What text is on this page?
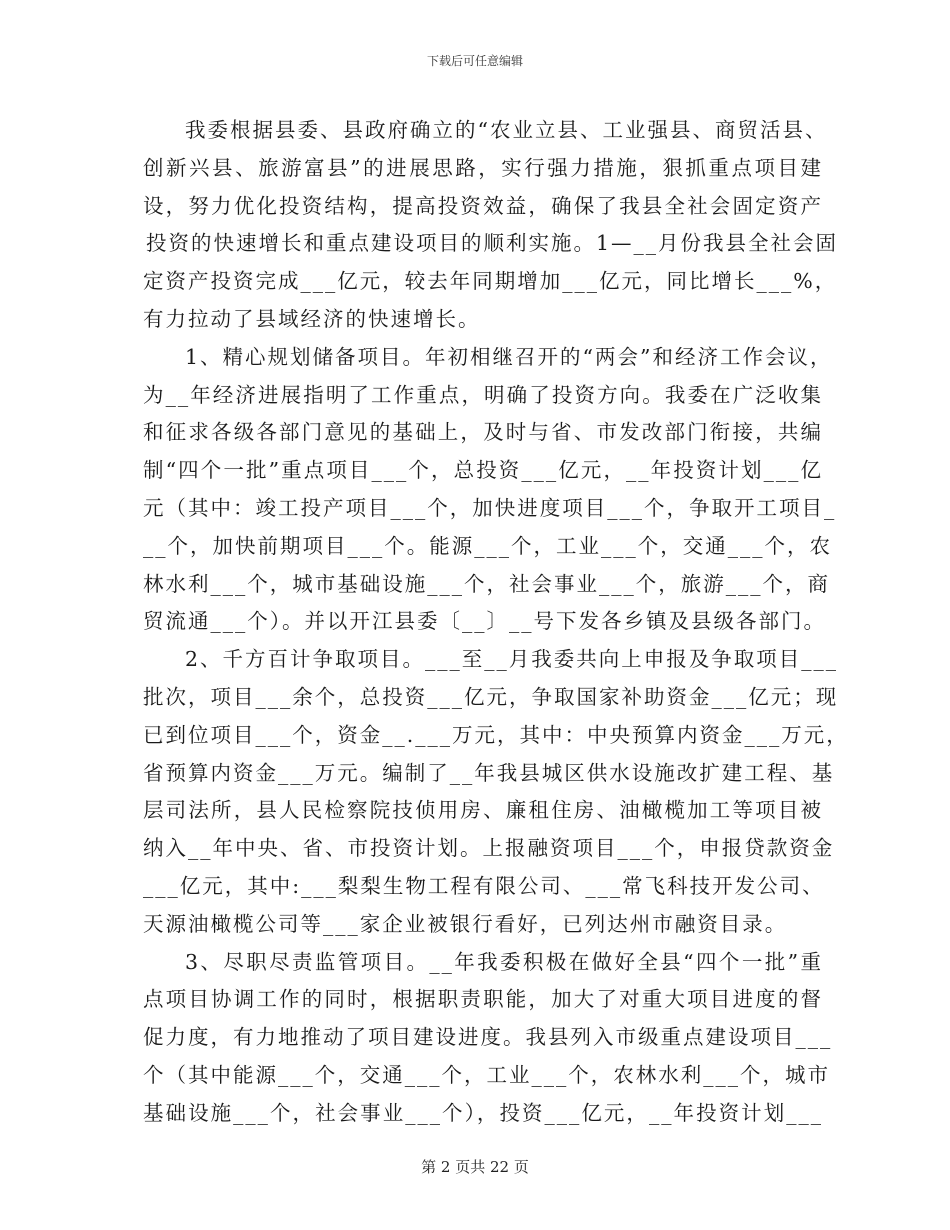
下载后可任意编辑
我委根据县委、县政府确立的“农业立县、工业强县、商贸活县、
创新兴县、旅游富县”的进展思路，实行强力措施，狠抓重点项目建
设，努力优化投资结构，提高投资效益，确保了我县全社会固定资产
投资的快速增长和重点建设项目的顺利实施。1—__月份我县全社会固
定资产投资完成___亿元，较去年同期增加___亿元，同比增长___%，
有力拉动了县域经济的快速增长。
1、精心规划储备项目。年初相继召开的“两会”和经济工作会议，
为__年经济进展指明了工作重点，明确了投资方向。我委在广泛收集
和征求各级各部门意见的基础上，及时与省、市发改部门衔接，共编
制“四个一批”重点项目___个，总投资___亿元，__年投资计划___亿
元（其中：竣工投产项目___个，加快进度项目___个，争取开工项目_
__个，加快前期项目___个。能源___个，工业___个，交通___个，农
林水利___个，城市基础设施___个，社会事业___个，旅游___个，商
贸流通___个）。并以开江县委〔__〕__号下发各乡镇及县级各部门。
2、千方百计争取项目。___至__月我委共向上申报及争取项目___
批次，项目___余个，总投资___亿元，争取国家补助资金___亿元；现
已到位项目___个，资金__.___万元，其中：中央预算内资金___万元，
省预算内资金___万元。编制了__年我县城区供水设施改扩建工程、基
层司法所，县人民检察院技侦用房、廉租住房、油橄榄加工等项目被
纳入__年中央、省、市投资计划。上报融资项目___个，申报贷款资金
___亿元，其中:___梨梨生物工程有限公司、___常飞科技开发公司、
天源油橄榄公司等___家企业被银行看好，已列达州市融资目录。
3、尽职尽责监管项目。__年我委积极在做好全县“四个一批”重
点项目协调工作的同时，根据职责职能，加大了对重大项目进度的督
促力度，有力地推动了项目建设进度。我县列入市级重点建设项目___
个（其中能源___个，交通___个，工业___个，农林水利___个，城市
基础设施___个，社会事业___个），投资___亿元，__年投资计划___
第 2 页共 22 页
